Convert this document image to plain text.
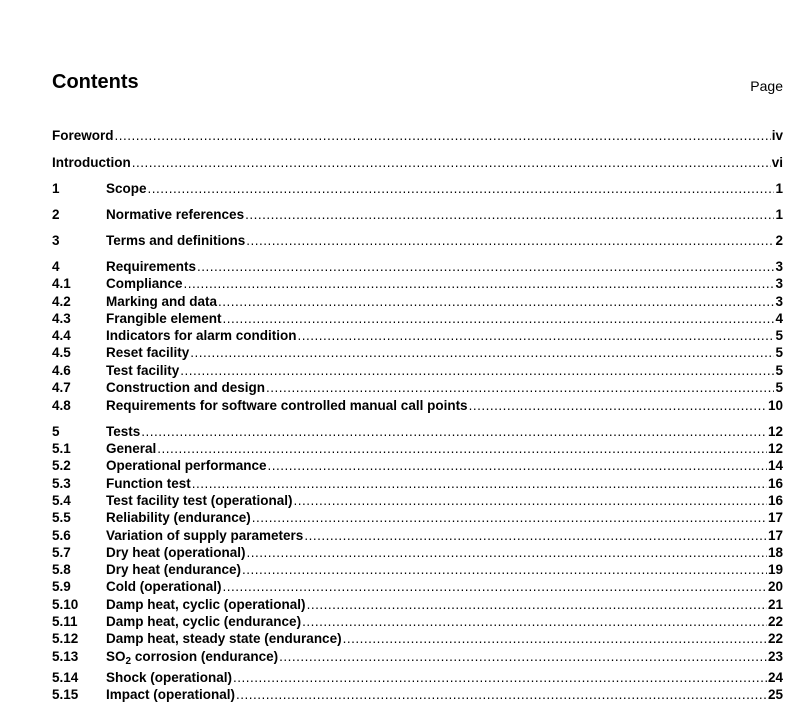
Contents	Page
Foreword .....	iv
Introduction .....	vi
1	Scope .....	1
2	Normative references .....	1
3	Terms and definitions .....	2
4	Requirements .....	3
4.1	Compliance .....	3
4.2	Marking and data .....	3
4.3	Frangible element .....	4
4.4	Indicators for alarm condition .....	5
4.5	Reset facility .....	5
4.6	Test facility .....	5
4.7	Construction and design .....	5
4.8	Requirements for software controlled manual call points .....	10
5	Tests .....	12
5.1	General .....	12
5.2	Operational performance .....	14
5.3	Function test .....	16
5.4	Test facility test (operational) .....	16
5.5	Reliability (endurance) .....	17
5.6	Variation of supply parameters .....	17
5.7	Dry heat (operational) .....	18
5.8	Dry heat (endurance) .....	19
5.9	Cold (operational) .....	20
5.10	Damp heat, cyclic (operational) .....	21
5.11	Damp heat, cyclic (endurance) .....	22
5.12	Damp heat, steady state (endurance) .....	22
5.13	$SO_2$ corrosion (endurance) .....	23
5.14	Shock (operational) .....	24
5.15	Impact (operational) .....	25
